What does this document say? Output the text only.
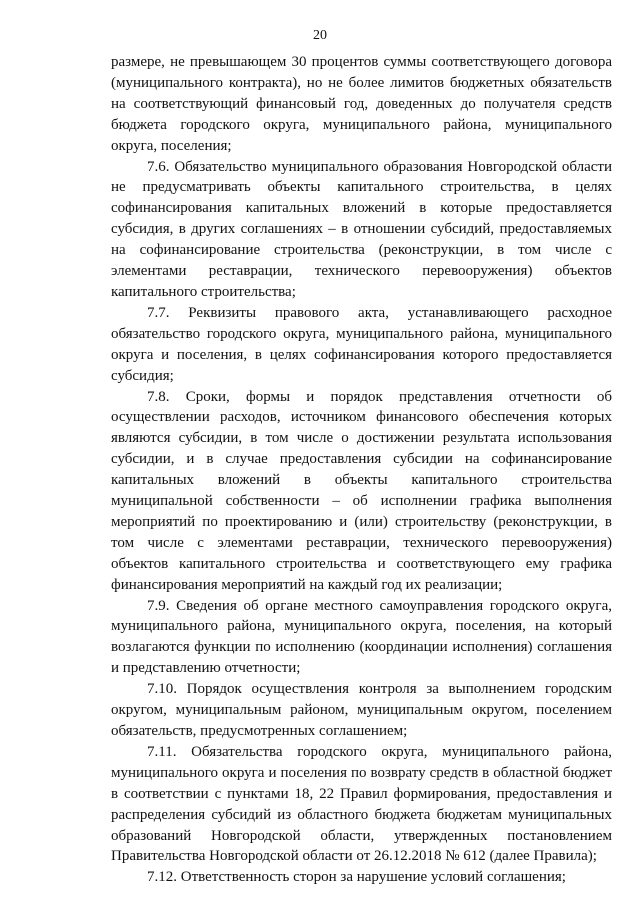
20

размере, не превышающем 30 процентов суммы соответствующего договора (муниципального контракта), но не более лимитов бюджетных обязательств на соответствующий финансовый год, доведенных до получателя средств бюджета городского округа, муниципального района, муниципального округа, поселения;

7.6. Обязательство муниципального образования Новгородской области не предусматривать объекты капитального строительства, в целях софинансирования капитальных вложений в которые предоставляется субсидия, в других соглашениях – в отношении субсидий, предоставляемых на софинансирование строительства (реконструкции, в том числе с элементами реставрации, технического перевооружения) объектов капитального строительства;

7.7. Реквизиты правового акта, устанавливающего расходное обязательство городского округа, муниципального района, муниципального округа и поселения, в целях софинансирования которого предоставляется субсидия;

7.8. Сроки, формы и порядок представления отчетности об осуществлении расходов, источником финансового обеспечения которых являются субсидии, в том числе о достижении результата использования субсидии, и в случае предоставления субсидии на софинансирование капитальных вложений в объекты капитального строительства муниципальной собственности – об исполнении графика выполнения мероприятий по проектированию и (или) строительству (реконструкции, в том числе с элементами реставрации, технического перевооружения) объектов капитального строительства и соответствующего ему графика финансирования мероприятий на каждый год их реализации;

7.9. Сведения об органе местного самоуправления городского округа, муниципального района, муниципального округа, поселения, на который возлагаются функции по исполнению (координации исполнения) соглашения и представлению отчетности;

7.10. Порядок осуществления контроля за выполнением городским округом, муниципальным районом, муниципальным округом, поселением обязательств, предусмотренных соглашением;

7.11. Обязательства городского округа, муниципального района, муниципального округа и поселения по возврату средств в областной бюджет в соответствии с пунктами 18, 22 Правил формирования, предоставления и распределения субсидий из областного бюджета бюджетам муниципальных образований Новгородской области, утвержденных постановлением Правительства Новгородской области от 26.12.2018 № 612 (далее Правила);

7.12. Ответственность сторон за нарушение условий соглашения;
